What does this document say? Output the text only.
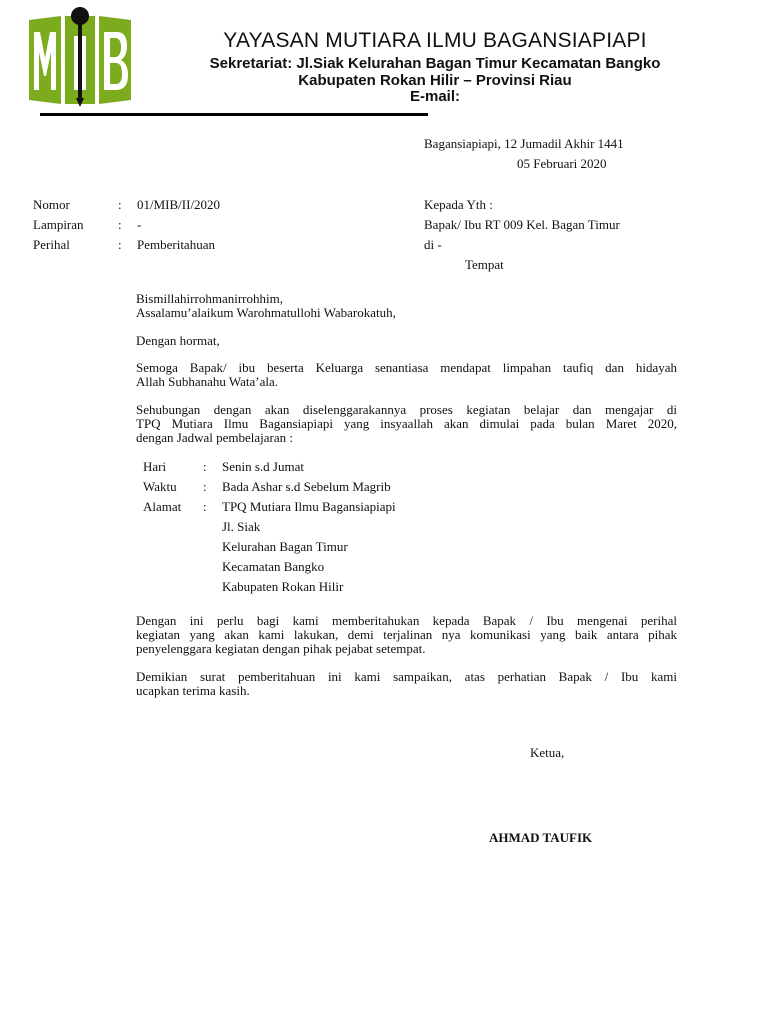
MIB
YAYASAN MUTIARA ILMU BAGANSIAPIAPI
Sekretariat: Jl.Siak Kelurahan Bagan Timur Kecamatan Bangko
Kabupaten Rokan Hilir – Provinsi Riau
E-mail:
Bagansiapiapi, 12 Jumadil Akhir 1441
05 Februari 2020
Nomor	: 01/MIB/II/2020
Lampiran	: -
Perihal	: Pemberitahuan
Kepada Yth :
Bapak/ Ibu RT 009 Kel. Bagan Timur
di -
Tempat
Bismillahirrohmanirrohhim,
Assalamu’alaikum Warohmatullohi Wabarokatuh,
Dengan hormat,
Semoga Bapak/ ibu beserta Keluarga senantiasa mendapat limpahan taufiq dan hidayah
Allah Subhanahu Wata’ala.
Sehubungan dengan akan diselenggarakannya proses kegiatan belajar dan mengajar di
TPQ Mutiara Ilmu Bagansiapiapi yang insyaallah akan dimulai pada bulan Maret 2020,
dengan Jadwal pembelajaran :
Hari	: Senin s.d Jumat
Waktu : Bada Ashar s.d Sebelum Magrib
Alamat : TPQ Mutiara Ilmu Bagansiapiapi
Jl. Siak
Kelurahan Bagan Timur
Kecamatan Bangko
Kabupaten Rokan Hilir
Dengan ini perlu bagi kami memberitahukan kepada Bapak / Ibu mengenai perihal
kegiatan yang akan kami lakukan, demi terjalinan nya komunikasi yang baik antara pihak
penyelenggara kegiatan dengan pihak pejabat setempat.
Demikian surat pemberitahuan ini kami sampaikan, atas perhatian Bapak / Ibu kami
ucapkan terima kasih.
Ketua,
AHMAD TAUFIK
